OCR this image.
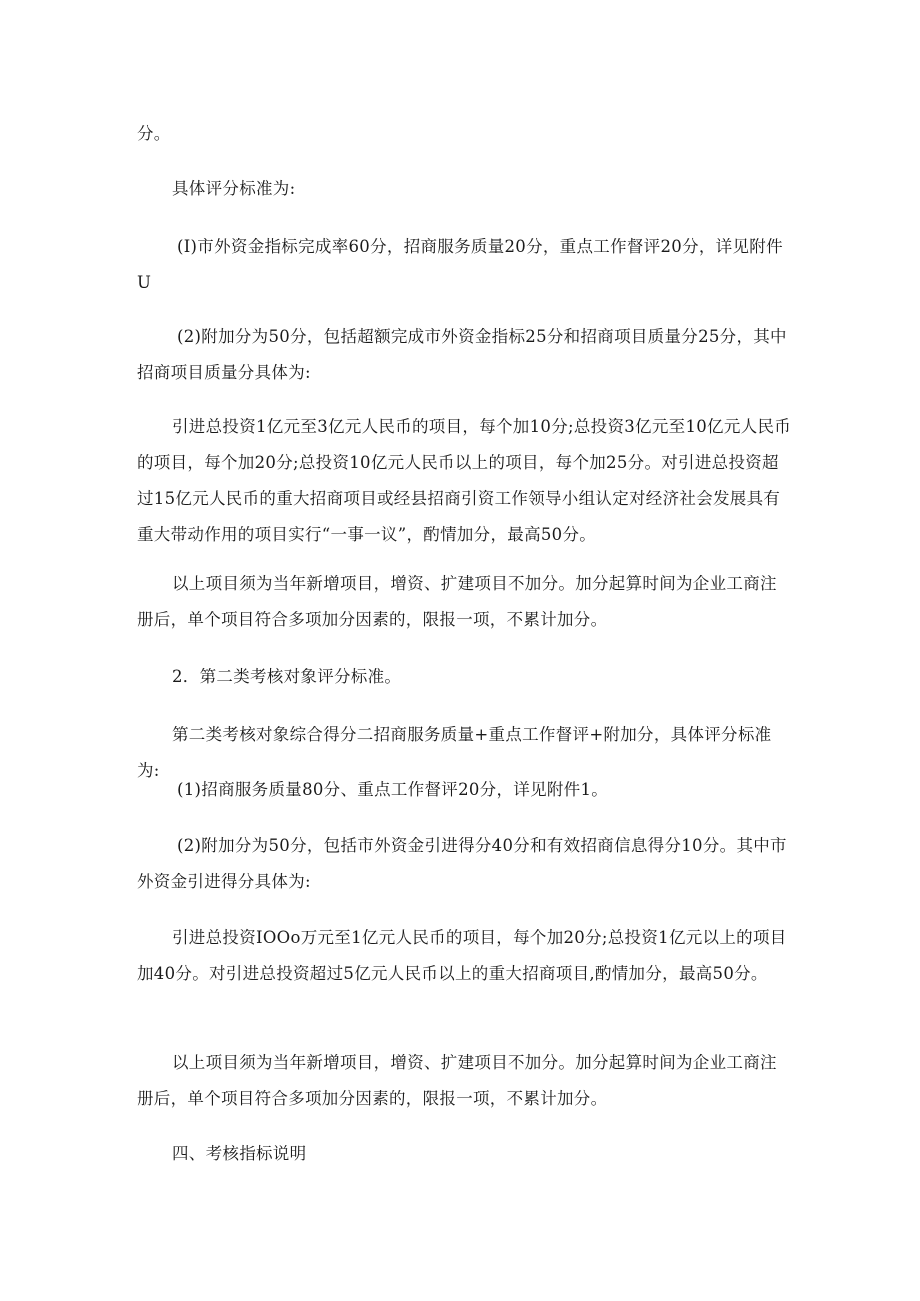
分。

具体评分标准为:

(I)市外资金指标完成率60分，招商服务质量20分，重点工作督评20分，详见附件U

(2)附加分为50分，包括超额完成市外资金指标25分和招商项目质量分25分，其中招商项目质量分具体为:

引进总投资1亿元至3亿元人民币的项目，每个加10分;总投资3亿元至10亿元人民币的项目，每个加20分;总投资10亿元人民币以上的项目，每个加25分。对引进总投资超过15亿元人民币的重大招商项目或经县招商引资工作领导小组认定对经济社会发展具有重大带动作用的项目实行“一事一议”，酌情加分，最高50分。

以上项目须为当年新增项目，增资、扩建项目不加分。加分起算时间为企业工商注册后，单个项目符合多项加分因素的，限报一项，不累计加分。

2．第二类考核对象评分标准。

第二类考核对象综合得分二招商服务质量+重点工作督评+附加分，具体评分标准为:

(1)招商服务质量80分、重点工作督评20分，详见附件1。

(2)附加分为50分，包括市外资金引进得分40分和有效招商信息得分10分。其中市外资金引进得分具体为:

引进总投资IOOo万元至1亿元人民币的项目，每个加20分;总投资1亿元以上的项目加40分。对引进总投资超过5亿元人民币以上的重大招商项目,酌情加分，最高50分。

以上项目须为当年新增项目，增资、扩建项目不加分。加分起算时间为企业工商注册后，单个项目符合多项加分因素的，限报一项，不累计加分。

四、考核指标说明
